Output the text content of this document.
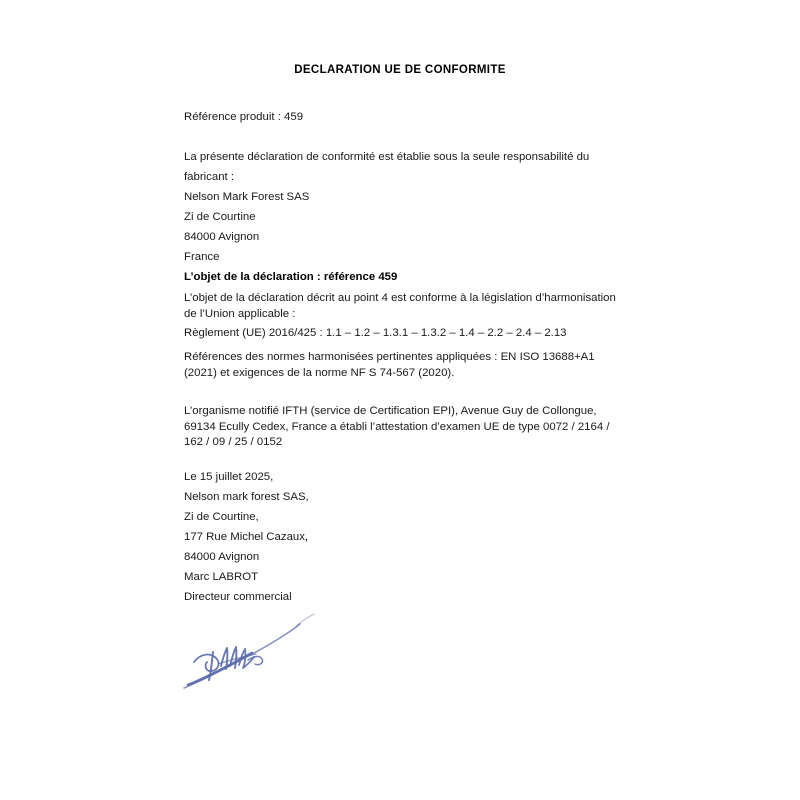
DECLARATION UE DE CONFORMITE
Référence produit : 459
La présente déclaration de conformité est établie sous la seule responsabilité du fabricant :
Nelson Mark Forest SAS
Zi de Courtine
84000 Avignon
France
L’objet de la déclaration : référence 459
L’objet de la déclaration décrit au point 4 est conforme à la législation d’harmonisation de l’Union applicable :
Règlement (UE) 2016/425 : 1.1 – 1.2 – 1.3.1 – 1.3.2 – 1.4 – 2.2 – 2.4 – 2.13
Références des normes harmonisées pertinentes appliquées : EN ISO 13688+A1 (2021) et exigences de la norme NF S 74-567 (2020).
L’organisme notifié IFTH (service de Certification EPI), Avenue Guy de Collongue, 69134 Ecully Cedex, France a établi l’attestation d’examen UE de type 0072 / 2164 / 162 / 09 / 25 / 0152
Le 15 juillet 2025,
Nelson mark forest SAS,
Zi de Courtine,
177 Rue Michel Cazaux,
84000 Avignon
Marc LABROT
Directeur commercial
